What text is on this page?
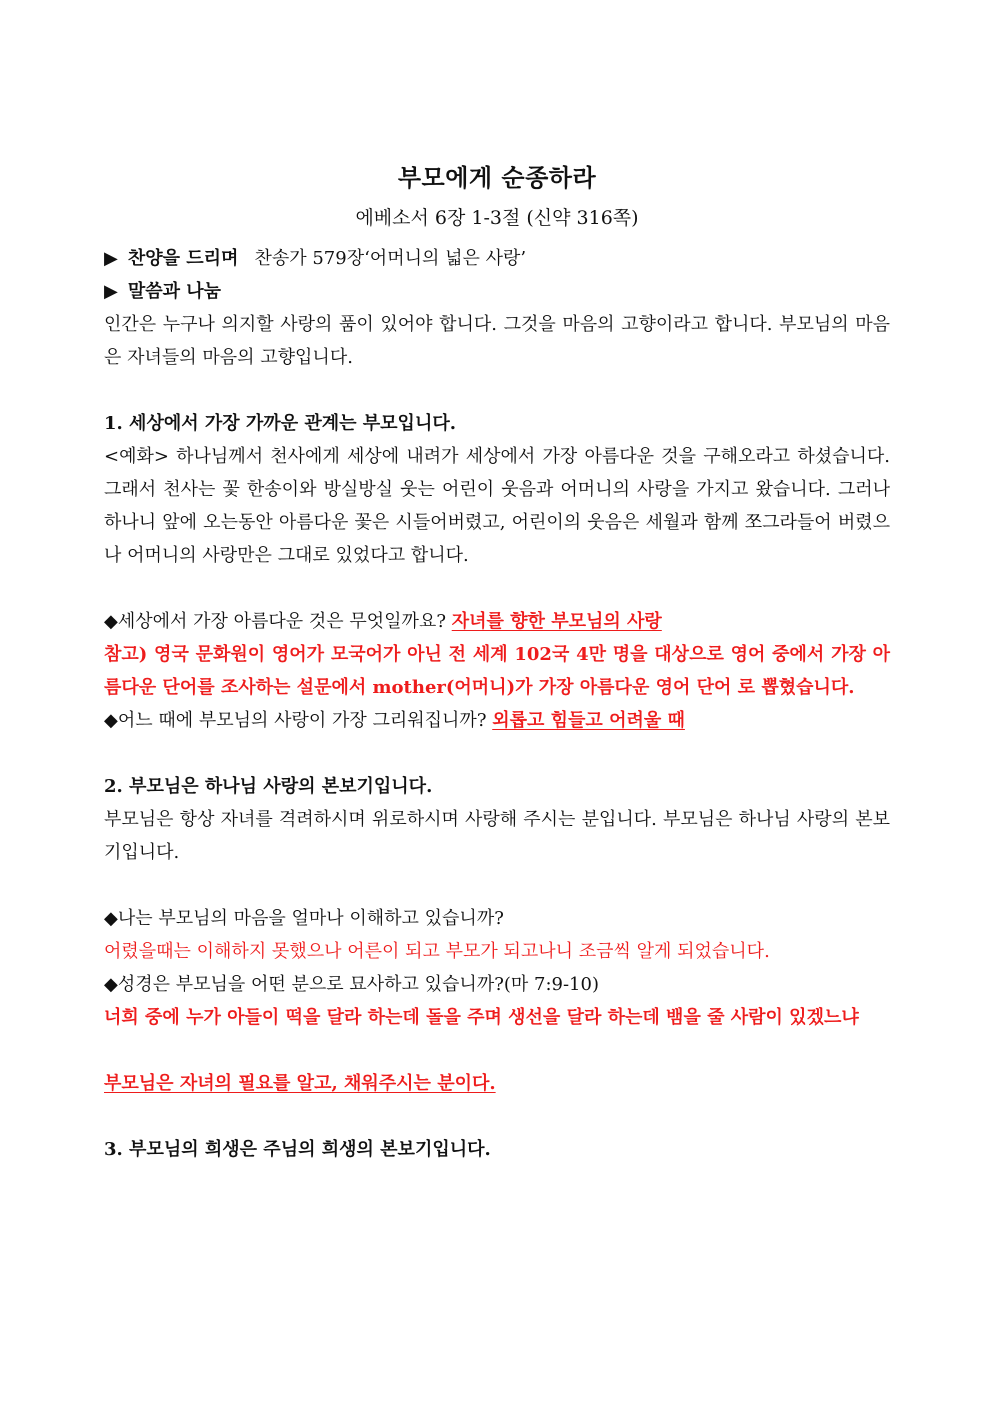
부모에게 순종하라

에베소서 6장 1-3절 (신약 316쪽)

▶ 찬양을 드리며 찬송가 579장‘어머니의 넓은 사랑’

▶ 말씀과 나눔

인간은 누구나 의지할 사랑의 품이 있어야 합니다. 그것을 마음의 고향이라고 합니다. 부모님의 마음은 자녀들의 마음의 고향입니다.

1. 세상에서 가장 가까운 관계는 부모입니다.

<예화> 하나님께서 천사에게 세상에 내려가 세상에서 가장 아름다운 것을 구해오라고 하셨습니다. 그래서 천사는 꽃 한송이와 방실방실 웃는 어린이 웃음과 어머니의 사랑을 가지고 왔습니다. 그러나 하나니 앞에 오는동안 아름다운 꽃은 시들어버렸고, 어린이의 웃음은 세월과 함께 쪼그라들어 버렸으나 어머니의 사랑만은 그대로 있었다고 합니다.

◆세상에서 가장 아름다운 것은 무엇일까요? 자녀를 향한 부모님의 사랑

참고) 영국 문화원이 영어가 모국어가 아닌 전 세계 102국 4만 명을 대상으로 영어 중에서 가장 아름다운 단어를 조사하는 설문에서 mother(어머니)가 가장 아름다운 영어 단어 로 뽑혔습니다.

◆어느 때에 부모님의 사랑이 가장 그리워집니까? 외롭고 힘들고 어려울 때

2. 부모님은 하나님 사랑의 본보기입니다.

부모님은 항상 자녀를 격려하시며 위로하시며 사랑해 주시는 분입니다. 부모님은 하나님 사랑의 본보기입니다.

◆나는 부모님의 마음을 얼마나 이해하고 있습니까?

어렸을때는 이해하지 못했으나 어른이 되고 부모가 되고나니 조금씩 알게 되었습니다.

◆성경은 부모님을 어떤 분으로 묘사하고 있습니까?(마 7:9-10)

너희 중에 누가 아들이 떡을 달라 하는데 돌을 주며 생선을 달라 하는데 뱀을 줄 사람이 있겠느냐

부모님은 자녀의 필요를 알고, 채워주시는 분이다.

3. 부모님의 희생은 주님의 희생의 본보기입니다.
